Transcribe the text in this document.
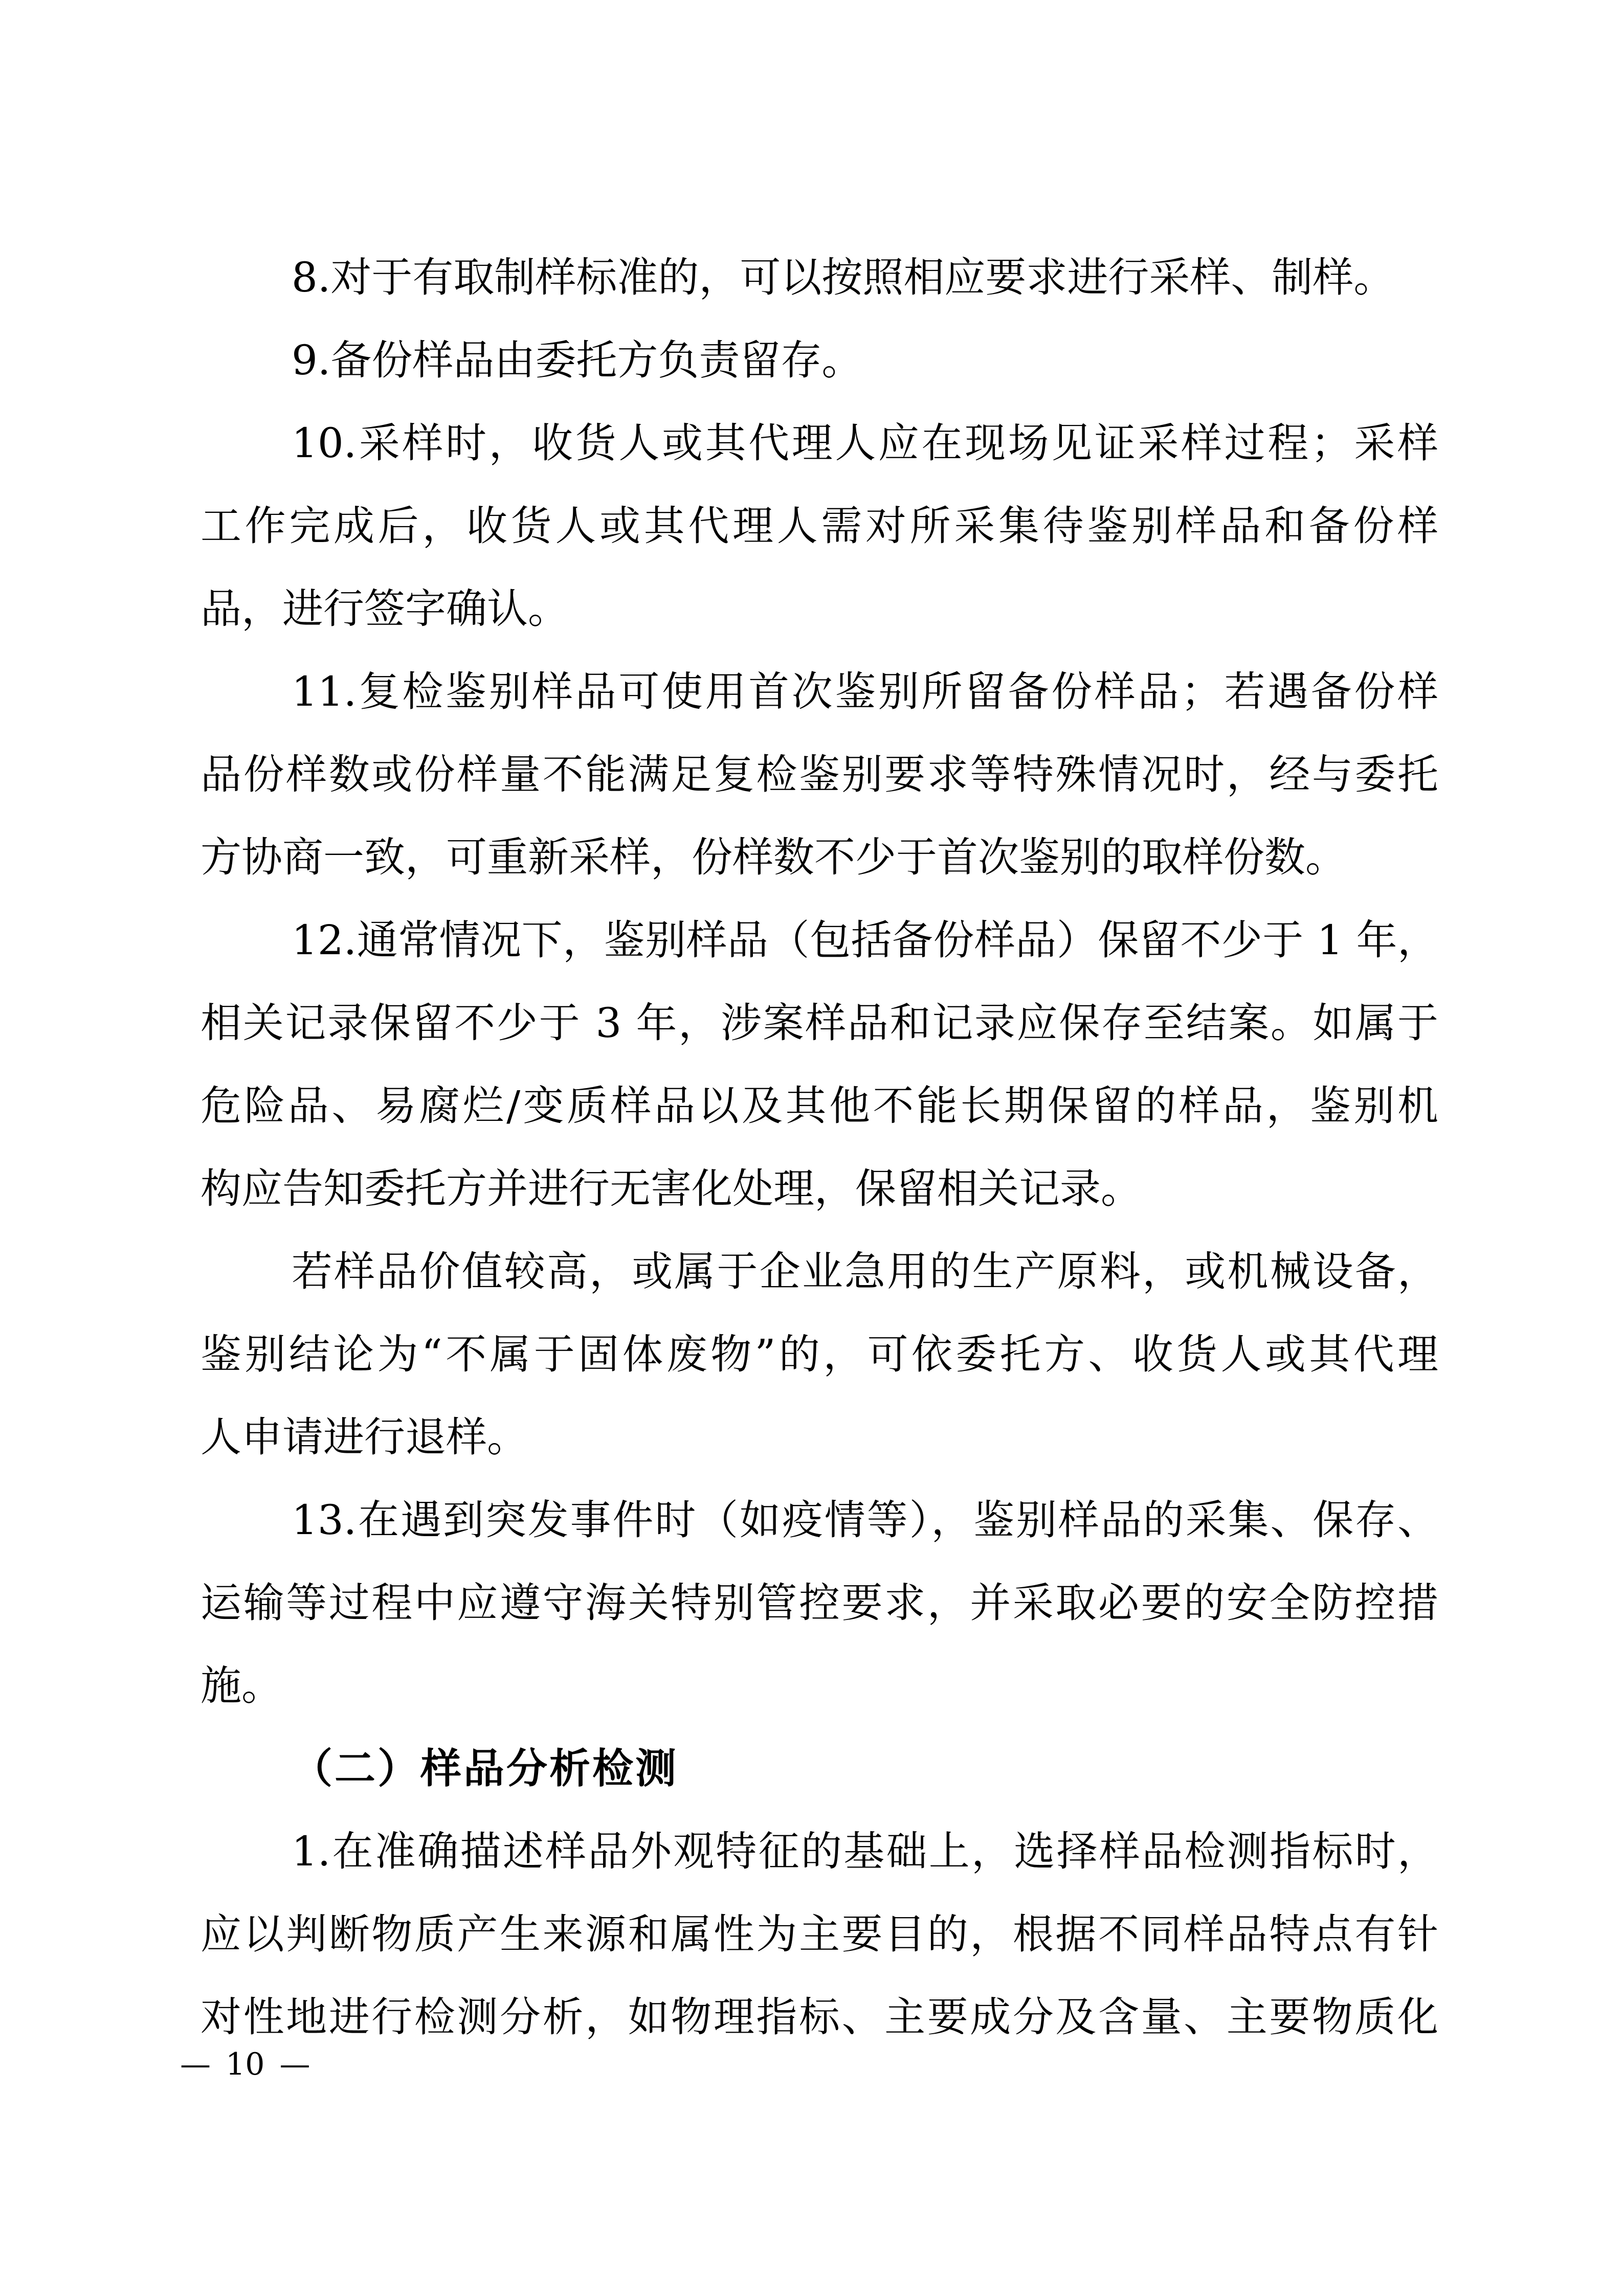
8.对于有取制样标准的，可以按照相应要求进行采样、制样。
9.备份样品由委托方负责留存。
10.采样时，收货人或其代理人应在现场见证采样过程；采样
工作完成后，收货人或其代理人需对所采集待鉴别样品和备份样
品，进行签字确认。
11.复检鉴别样品可使用首次鉴别所留备份样品；若遇备份样
品份样数或份样量不能满足复检鉴别要求等特殊情况时，经与委托
方协商一致，可重新采样，份样数不少于首次鉴别的取样份数。
12.通常情况下，鉴别样品（包括备份样品）保留不少于 1 年，
相关记录保留不少于 3 年，涉案样品和记录应保存至结案。如属于
危险品、易腐烂/变质样品以及其他不能长期保留的样品，鉴别机
构应告知委托方并进行无害化处理，保留相关记录。
若样品价值较高，或属于企业急用的生产原料，或机械设备，
鉴别结论为“不属于固体废物”的，可依委托方、收货人或其代理
人申请进行退样。
13.在遇到突发事件时（如疫情等），鉴别样品的采集、保存、
运输等过程中应遵守海关特别管控要求，并采取必要的安全防控措
施。
（二）样品分析检测
1.在准确描述样品外观特征的基础上，选择样品检测指标时，
应以判断物质产生来源和属性为主要目的，根据不同样品特点有针
对性地进行检测分析，如物理指标、主要成分及含量、主要物质化
— 10 —
